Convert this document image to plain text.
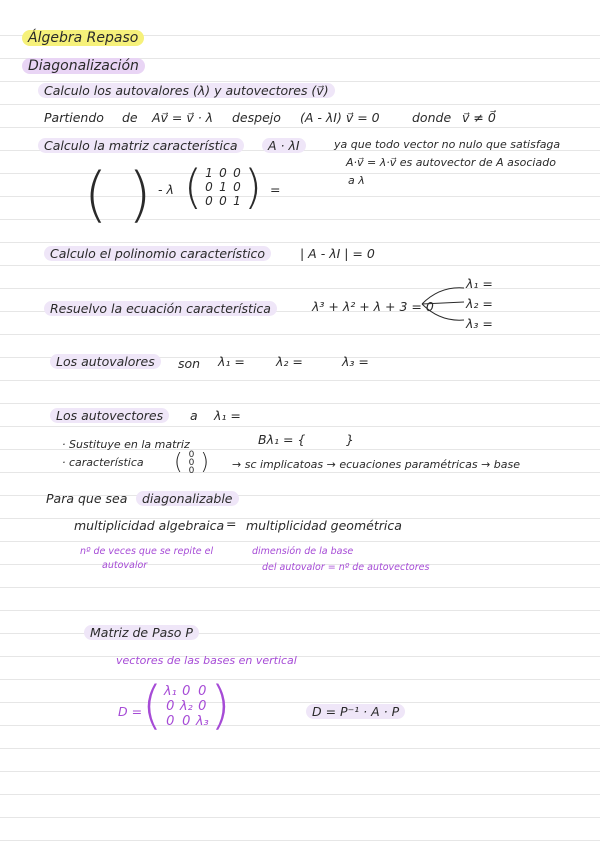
Álgebra Repaso
Diagonalización
Calculo los autovalores (λ) y autovectores (v⃗)
Partiendo de Av⃗ = v⃗ · λ despejo (A - λI) v⃗ = 0	donde v⃗ ≠ 0⃗
Calculo la matriz característica	A · λI	ya que todo vector no nulo que satisfaga
A·v⃗ = λ·v⃗ es autovector de A asociado
a λ
( ) - λ ( 1 0 0
0 1 0
0 0 1 ) =
Calculo el polinomio característico	| A - λI | = 0
Resuelvo la ecuación característica	λ³ + λ² + λ + 3 = 0
λ₁ =
λ₂ =
λ₃ =
Los autovalores	son λ₁ = λ₂ =	λ₃ =
Los autovectores	a λ₁ =
· Sustituye en la matriz
· característica
Bλ₁ = {	}
( 0
0
0 ) → sc implicatoas → ecuaciones paramétricas → base
Para que sea	diagonalizable
multiplicidad algebraica = multiplicidad geométrica
nº de veces que se repite el
autovalor
dimensión de la base
del autovalor = nº de autovectores
Matriz de Paso P
vectores de las bases en vertical
D = ( λ₁ 0 0
0 λ₂ 0
0 0 λ₃ )	D = P⁻¹ · A · P
